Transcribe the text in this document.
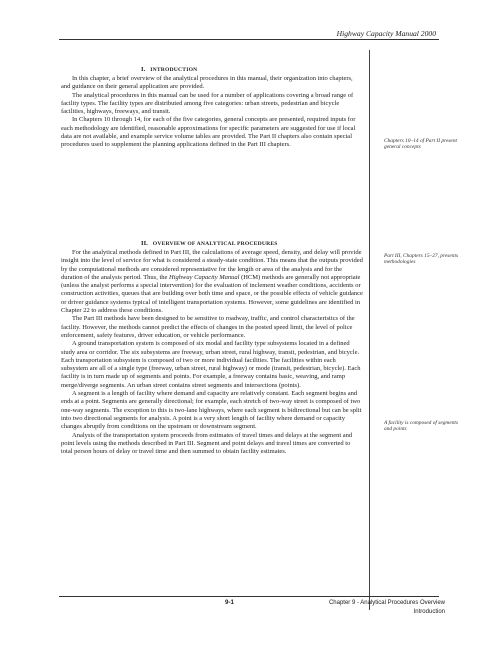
Highway Capacity Manual 2000
I. INTRODUCTION

In this chapter, a brief overview of the analytical procedures in this manual, their organization into chapters, and guidance on their general application are provided.

The analytical procedures in this manual can be used for a number of applications covering a broad range of facility types. The facility types are distributed among five categories: urban streets, pedestrian and bicycle facilities, highways, freeways, and transit.

In Chapters 10 through 14, for each of the five categories, general concepts are presented, required inputs for each methodology are identified, reasonable approximations for specific parameters are suggested for use if local data are not available, and example service volume tables are provided. The Part II chapters also contain special procedures used to supplement the planning applications defined in the Part III chapters.

II. OVERVIEW OF ANALYTICAL PROCEDURES

For the analytical methods defined in Part III, the calculations of average speed, density, and delay will provide insight into the level of service for what is considered a steady-state condition. This means that the outputs provided by the computational methods are considered representative for the length or area of the analysis and for the duration of the analysis period. Thus, the Highway Capacity Manual (HCM) methods are generally not appropriate (unless the analyst performs a special intervention) for the evaluation of inclement weather conditions, accidents or construction activities, queues that are building over both time and space, or the possible effects of vehicle guidance or driver guidance systems typical of intelligent transportation systems. However, some guidelines are identified in Chapter 22 to address these conditions.

The Part III methods have been designed to be sensitive to roadway, traffic, and control characteristics of the facility. However, the methods cannot predict the effects of changes in the posted speed limit, the level of police enforcement, safety features, driver education, or vehicle performance.

A ground transportation system is composed of six modal and facility type subsystems located in a defined study area or corridor. The six subsystems are freeway, urban street, rural highway, transit, pedestrian, and bicycle. Each transportation subsystem is composed of two or more individual facilities. The facilities within each subsystem are all of a single type (freeway, urban street, rural highway) or mode (transit, pedestrian, bicycle). Each facility is in turn made up of segments and points. For example, a freeway contains basic, weaving, and ramp merge/diverge segments. An urban street contains street segments and intersections (points).

A segment is a length of facility where demand and capacity are relatively constant. Each segment begins and ends at a point. Segments are generally directional; for example, each stretch of two-way street is composed of two one-way segments. The exception to this is two-lane highways, where each segment is bidirectional but can be split into two directional segments for analysis. A point is a very short length of facility where demand or capacity changes abruptly from conditions on the upstream or downstream segment.

Analysis of the transportation system proceeds from estimates of travel times and delays at the segment and point levels using the methods described in Part III. Segment and point delays and travel times are converted to total person hours of delay or travel time and then summed to obtain facility estimates.

Chapters 10–14 of Part II present general concepts
Part III, Chapters 15–27, presents methodologies
A facility is composed of segments and points
9-1	Chapter 9 - Analytical Procedures Overview
Introduction
